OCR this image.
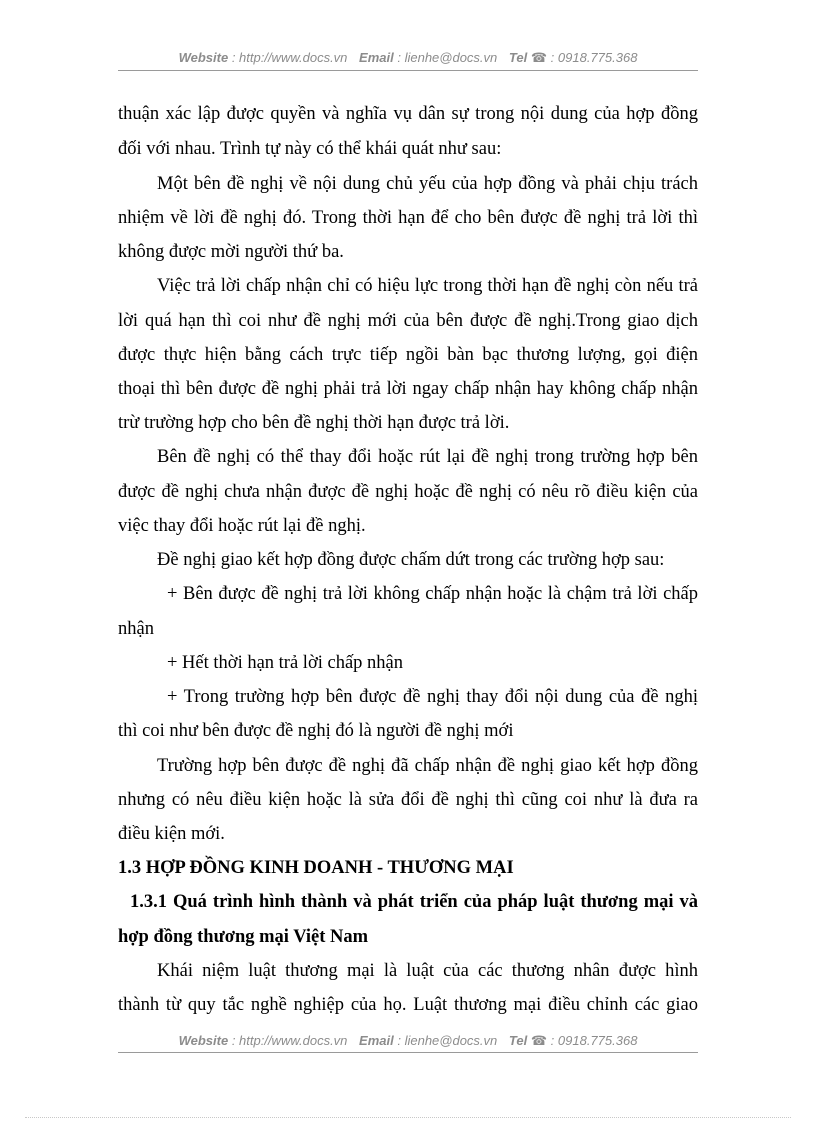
Website : http://www.docs.vn Email : lienhe@docs.vn Tel ☎ : 0918.775.368
thuận xác lập được quyền và nghĩa vụ dân sự trong nội dung của hợp đồng
đối với nhau. Trình tự này có thể khái quát như sau:
Một bên đề nghị về nội dung chủ yếu của hợp đồng và phải chịu trách
nhiệm về lời đề nghị đó. Trong thời hạn để cho bên được đề nghị trả lời thì
không được mời người thứ ba.
Việc trả lời chấp nhận chỉ có hiệu lực trong thời hạn đề nghị còn nếu trả
lời quá hạn thì coi như đề nghị mới của bên được đề nghị.Trong giao dịch
được thực hiện bằng cách trực tiếp ngồi bàn bạc thương lượng, gọi điện
thoại thì bên được đề nghị phải trả lời ngay chấp nhận hay không chấp nhận
trừ trường hợp cho bên đề nghị thời hạn được trả lời.
Bên đề nghị có thể thay đổi hoặc rút lại đề nghị trong trường hợp bên
được đề nghị chưa nhận được đề nghị hoặc đề nghị có nêu rõ điều kiện của
việc thay đổi hoặc rút lại đề nghị.
Đề nghị giao kết hợp đồng được chấm dứt trong các trường hợp sau:
+ Bên được đề nghị trả lời không chấp nhận hoặc là chậm trả lời chấp
nhận
+ Hết thời hạn trả lời chấp nhận
+ Trong trường hợp bên được đề nghị thay đổi nội dung của đề nghị
thì coi như bên được đề nghị đó là người đề nghị mới
Trường hợp bên được đề nghị đã chấp nhận đề nghị giao kết hợp đồng
nhưng có nêu điều kiện hoặc là sửa đổi đề nghị thì cũng coi như là đưa ra
điều kiện mới.
1.3 HỢP ĐỒNG KINH DOANH - THƯƠNG MẠI
1.3.1 Quá trình hình thành và phát triển của pháp luật thương mại và
hợp đồng thương mại Việt Nam
Khái niệm luật thương mại là luật của các thương nhân được hình
thành từ quy tắc nghề nghiệp của họ. Luật thương mại điều chỉnh các giao
Website : http://www.docs.vn Email : lienhe@docs.vn Tel ☎ : 0918.775.368
